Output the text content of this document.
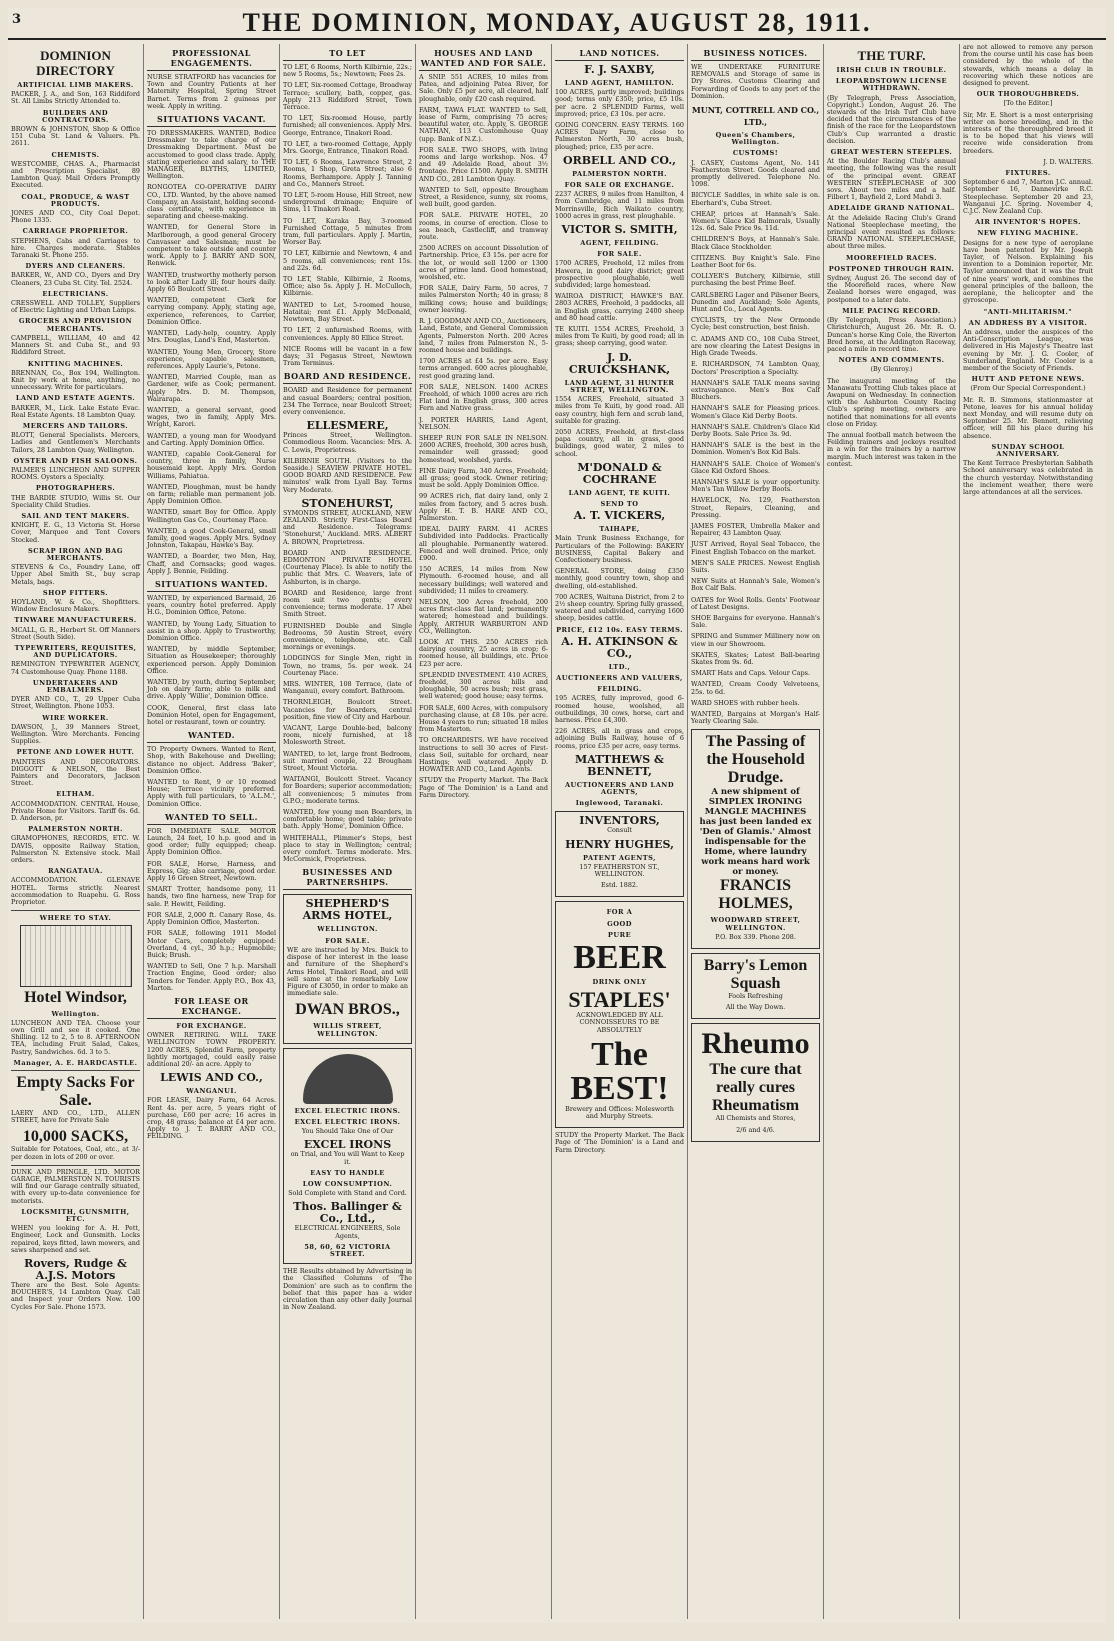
3	THE DOMINION, MONDAY, AUGUST 28, 1911.
DOMINION DIRECTORY
ARTIFICIAL LIMB MAKERS.
PACKER, J. A., and Son, 163 Riddiford St. All Limbs Strictly Attended to.
BUILDERS AND CONTRACTORS.
BROWN & JOHNSTON, Shop & Office 151 Cuba St. Land & Valuers. Ph. 2611.
CHEMISTS.
WESTCOMBE, CHAS. A., Pharmacist and Prescription Specialist, 89 Lambton Quay. Mail Orders Promptly Executed.
COAL, PRODUCE, & WAST PRODUCTS.
JONES AND CO., City Coal Depot. Phone 1335.
CARRIAGE PROPRIETOR.
STEPHENS, Cabs and Carriages to hire. Charges moderate. Stables Taranaki St. Phone 255.
DYERS AND CLEANERS.
BARKER, W., AND CO., Dyers and Dry Cleaners, 23 Cuba St. City. Tel. 2524.
ELECTRICIANS.
CRESSWELL AND TOLLEY, Suppliers of Electric Lighting and Urban Lamps.
GROCERS AND PROVISION MERCHANTS.
CAMPBELL, WILLIAM, 40 and 42 Manners St. and Cuba St., and 93 Riddiford Street.
KNITTING MACHINES.
BRENNAN, Co., Box 194, Wellington. Knit by work at home, anything, no unnecessary. Write for particulars.
LAND AND ESTATE AGENTS.
BARKER, M., Lick. Lake Estate Evac. Real Estate Agents. 18 Lambton Quay.
MERCERS AND TAILORS.
BLOTT, General Specialists. Mercers, Ladies and Gentlemen's Merchants Tailors, 28 Lambton Quay, Wellington.
OYSTER AND FISH SALOONS.
PALMER'S LUNCHEON AND SUPPER ROOMS. Oysters a Specialty.
PHOTOGRAPHERS.
THE BARDIE STUDIO, Willis St. Our Speciality Child Studies.
SAIL AND TENT MAKERS.
KNIGHT, E. G., 13 Victoria St. Horse Cover, Marquee and Tent Covers Stocked.
SCRAP IRON AND BAG MERCHANTS.
STEVENS & Co., Foundry Lane, off Upper Abel Smith St., buy scrap Metals, bags.
SHOP FITTERS.
HOYLAND, W. & Co., Shopfitters. Window Enclosure Makers.
TINWARE MANUFACTURERS.
MCALL, G. R., Herbert St. Off Manners Street (South Side).
TYPEWRITERS, REQUISITES, AND DUPLICATORS.
REMINGTON TYPEWRITER AGENCY, 74 Customhouse Quay. Phone 1188.
UNDERTAKERS AND EMBALMERS.
DYER AND CO., T., 29 Upper Cuba Street, Wellington. Phone 1053.
WIRE WORKER.
DAWSON, J., 39 Manners Street, Wellington. Wire Merchants. Fencing Supplies.
PETONE AND LOWER HUTT.
PAINTERS AND DECORATORS. DIGGOTT & NELSON, the Best Painters and Decorators, Jackson Street.
ELTHAM.
ACCOMMODATION. CENTRAL House, Private Home for Visitors. Tariff 6s. 6d. D. Anderson, pr.
PALMERSTON NORTH.
GRAMOPHONES, RECORDS, ETC. W. DAVIS, opposite Railway Station, Palmerston N. Extensive stock. Mail orders.
RANGATAUA.
ACCOMMODATION. GLENAVE HOTEL. Terms strictly. Nearest accommodation to Ruapehu. G. Ross Proprietor.
WHERE TO STAY.
Hotel Windsor,
Wellington.
LUNCHEON AND TEA. Choose your own Grill and see it cooked. One Shilling. 12 to 2, 5 to 8. AFTERNOON TEA, including Fruit Salad, Cakes, Pastry, Sandwiches. 6d. 3 to 5.
Manager, A. E. HARDCASTLE.
Empty Sacks For Sale.
LAERY AND CO., LTD., ALLEN STREET, have for Private Sale
10,000 SACKS,
Suitable for Potatoes, Coal, etc., at 3/- per dozen in lots of 200 or over.
DUNK AND PRINGLE, LTD. MOTOR GARAGE, PALMERSTON N. TOURISTS will find our Garage centrally situated, with every up-to-date convenience for motorists.
LOCKSMITH, GUNSMITH, ETC.
WHEN you looking for A. H. Pett, Engineer, Lock and Gunsmith. Locks repaired, keys fitted, lawn mowers, and saws sharpened and set.
Rovers, Rudge & A.J.S. Motors
There are the Best. Sole Agents: BOUCHER'S, 14 Lambton Quay. Call and Inspect your Orders Now. 100 Cycles For Sale. Phone 1573.
PROFESSIONAL ENGAGEMENTS.
NURSE STRATFORD has vacancies for Town and Country Patients at her Maternity Hospital, Spring Street Barnet. Terms from 2 guineas per week. Apply in writing.
SITUATIONS VACANT.
TO DRESSMAKERS. WANTED, Bodice Dressmaker to take charge of our Dressmaking Department. Must be accustomed to good class trade. Apply, stating experience and salary, to THE MANAGER, BLYTHS, LIMITED, Wellington.
RONGOTEA CO-OPERATIVE DAIRY CO., LTD. Wanted, by the above named Company, an Assistant, holding second-class certificate, with experience in separating and cheese-making.
WANTED, for General Store in Marlborough, a good general Grocery Canvasser and Salesman; must be competent to take outside and counter work. Apply to J. BARRY AND SON, Renwick.
WANTED, trustworthy motherly person to look after Lady ill; four hours daily. Apply 65 Boulcott Street.
WANTED, competent Clerk for carrying company. Apply, stating age, experience, references, to Carrier, Dominion Office.
WANTED, Lady-help, country. Apply Mrs. Douglas, Land's End, Masterton.
WANTED, Young Men, Grocery, Store experience, capable salesmen, references. Apply Laurie's, Petone.
WANTED, Married Couple, man as Gardener, wife as Cook; permanent. Apply Mrs. D. M. Thompson, Wairarapa.
WANTED, a general servant, good wages, two in family, Apply Mrs. Wright, Karori.
WANTED, a young man for Woodyard and Carting. Apply Dominion Office.
WANTED, capable Cook-General for country, three in family, Nurse housemaid kept. Apply Mrs. Gordon Williams, Pahiatua.
WANTED, Ploughman, must be handy on farm; reliable man permanent job. Apply Dominion Office.
WANTED, smart Boy for Office. Apply Wellington Gas Co., Courtenay Place.
WANTED, a good Cook-General, small family, good wages. Apply Mrs. Sydney Johnston, Takapau, Hawke's Bay.
WANTED, a Boarder, two Men, Hay, Chaff, and Cornsacks; good wages. Apply J. Bennie, Feilding.
SITUATIONS WANTED.
WANTED, by experienced Barmaid, 26 years, country hotel preferred. Apply H.G., Dominion Office, Petone.
WANTED, by Young Lady, Situation to assist in a shop. Apply to Trustworthy, Dominion Office.
WANTED, by middle September, Situation as Housekeeper; thoroughly experienced person. Apply Dominion Office.
WANTED, by youth, during September, Job on dairy farm; able to milk and drive. Apply 'Willie', Dominion Office.
COOK, General, first class late Dominion Hotel, open for Engagement, hotel or restaurant, town or country.
WANTED.
TO Property Owners. Wanted to Rent, Shop, with Bakehouse and Dwelling; distance no object. Address 'Baker', Dominion Office.
WANTED to Rent, 9 or 10 roomed House; Terrace vicinity preferred. Apply with full particulars, to 'A.L.M.', Dominion Office.
WANTED TO SELL.
FOR IMMEDIATE SALE. MOTOR Launch, 24 feet, 10 h.p. good and in good order; fully equipped; cheap. Apply Dominion Office.
FOR SALE, Horse, Harness, and Express, Gig; also carriage, good order. Apply 16 Green Street, Newtown.
SMART Trotter, handsome pony, 11 hands, two fine harness, new Trap for sale. P. Hewitt, Feilding.
FOR SALE, 2,000 ft. Canary Rose, 4s. Apply Dominion Office, Masterton.
FOR SALE, following 1911 Model Motor Cars, completely equipped: Overland, 4 cyl., 30 h.p.; Hupmobile; Buick; Brush.
WANTED to Sell, One 7 h.p. Marshall Traction Engine, Good order; also Tenders for Tender. Apply P.O., Box 43, Marton.
FOR LEASE OR EXCHANGE.
FOR EXCHANGE.
OWNER RETIRING. WILL TAKE WELLINGTON TOWN PROPERTY. 1200 ACRES, Splendid Farm, property lightly mortgaged, could easily raise additional 20/- an acre. Apply to
LEWIS AND CO.,
WANGANUI.
FOR LEASE, Dairy Farm, 64 Acres. Rent 4s. per acre, 5 years right of purchase, £60 per acre; 16 acres in crop, 48 grass; balance at £4 per acre. Apply to J. T. BARRY AND CO., FEILDING.
TO LET
TO LET, 6 Rooms, North Kilbirnie, 22s.; new 5 Rooms, 5s.; Newtown; Fees 2s.
TO LET, Six-roomed Cottage, Broadway Terrace; scullery, bath, copper, gas. Apply 213 Riddiford Street, Town Terrace.
TO LET, Six-roomed House, partly furnished; all conveniences. Apply Mrs. George, Entrance, Tinakori Road.
TO LET, a two-roomed Cottage, Apply Mrs. George, Entrance, Tinakori Road.
TO LET, 6 Rooms, Lawrence Street, 2 Rooms, 1 Shop, Greta Street; also 6 Rooms, Berhampore. Apply J. Tanning and Co., Manners Street.
TO LET, 5-room House, Hill Street, new underground drainage; Enquire of Sims, 11 Tinakori Road.
TO LET, Karaka Bay, 3-roomed Furnished Cottage, 5 minutes from tram, full particulars. Apply J. Martin, Worser Bay.
TO LET, Kilbirnie and Newtown, 4 and 5 rooms, all conveniences; rent 15s. and 22s. 6d.
TO LET, Stable, Kilbirnie, 2 Rooms, Office; also 5s. Apply J. H. McCulloch, Kilbirnie.
WANTED to Let, 5-roomed house, Hataitai; rent £1. Apply McDonald, Newtown, Bay Street.
TO LET, 2 unfurnished Rooms, with conveniences. Apply 80 Ellice Street.
NICE Rooms will be vacant in a few days; 31 Pegasus Street, Newtown Tram Terminus.
BOARD AND RESIDENCE.
BOARD and Residence for permanent and casual Boarders; central position, 234 The Terrace, near Boulcott Street; every convenience.
ELLESMERE,
Princes Street, Wellington. Commodious Room. Vacancies: Mrs. A. C. Lewis, Proprietress.
KILBIRNIE SOUTH. (Visitors to the Seaside.) SEAVIEW PRIVATE HOTEL. GOOD BOARD AND RESIDENCE. Few minutes' walk from Lyall Bay. Terms Very Moderate.
STONEHURST,
SYMONDS STREET, AUCKLAND, NEW ZEALAND. Strictly First-Class Board and Residence. Telegrams: 'Stonehurst,' Auckland. MRS. ALBERT A. BROWN, Proprietress.
BOARD AND RESIDENCE. EDMONTON PRIVATE HOTEL (Courtenay Place). Is able to notify the public that Mrs. C. Weavers, late of Ashburton, is in charge.
BOARD and Residence, large front room suit two gents; every convenience; terms moderate. 17 Abel Smith Street.
FURNISHED Double and Single Bedrooms, 59 Austin Street, every convenience, telephone, etc. Call mornings or evenings.
LODGINGS for Single Men, right in Town, no trams, 5s. per week. 24 Courtenay Place.
MRS. WINTER, 108 Terrace, (late of Wanganui), every comfort. Bathroom.
THORNLEIGH, Boulcott Street. Vacancies for Boarders, central position, fine view of City and Harbour.
VACANT, Large Double-bed, balcony room, nicely furnished, at 18 Molesworth Street.
WANTED, to let, large front Bedroom, suit married couple, 22 Brougham Street, Mount Victoria.
WAITANGI, Boulcott Street. Vacancy for Boarders; superior accommodation; all conveniences; 5 minutes from G.P.O.; moderate terms.
WANTED, few young men Boarders, in comfortable home; good table; private bath. Apply 'Home', Dominion Office.
WHITEHALL, Plimmer's Steps, best place to stay in Wellington; central; every comfort. Terms moderate. Mrs. McCormick, Proprietress.
BUSINESSES AND PARTNERSHIPS.
SHEPHERD'S ARMS HOTEL,
WELLINGTON.
FOR SALE.
WE are instructed by Mrs. Buick to dispose of her interest in the lease and furniture of the Shepherd's Arms Hotel, Tinakori Road, and will sell same at the remarkably Low Figure of £3050, in order to make an immediate sale.
DWAN BROS.,
WILLIS STREET, WELLINGTON.
EXCEL ELECTRIC IRONS.
EXCEL ELECTRIC IRONS.
You Should Take One of Our
EXCEL IRONS
on Trial, and You will Want to Keep it.
EASY TO HANDLE
LOW CONSUMPTION.
Sold Complete with Stand and Cord.
Thos. Ballinger & Co., Ltd.,
ELECTRICAL ENGINEERS, Sole Agents,
58, 60, 62 VICTORIA STREET.
THE Results obtained by Advertising in the Classified Columns of 'The Dominion' are such as to confirm the belief that this paper has a wider circulation than any other daily Journal in New Zealand.
HOUSES AND LAND WANTED AND FOR SALE.
A SNIP. 551 ACRES, 10 miles from Patea, and adjoining Patea River, for Sale. Only £5 per acre, all cleared, half ploughable, only £20 cash required.
FARM, TAWA FLAT. WANTED to Sell, lease of Farm, comprising 75 acres; beautiful water, etc. Apply, S. GEORGE NATHAN, 113 Customhouse Quay (upp. Bank of N.Z.).
FOR SALE. TWO SHOPS, with living rooms and large workshop. Nos. 47 and 49 Adelaide Road, about 3½ frontage. Price £1500. Apply B. SMITH AND CO., 281 Lambton Quay.
WANTED to Sell, opposite Brougham Street, a Residence, sunny, six rooms, well built, good garden.
FOR SALE. PRIVATE HOTEL, 20 rooms, in course of erection. Close to sea beach, Castlecliff, and tramway route.
2500 ACRES on account Dissolution of Partnership. Price, £3 15s. per acre for the lot, or would sell 1200 or 1300 acres of prime land. Good homestead, woolshed, etc.
FOR SALE, Dairy Farm, 50 acres, 7 miles Palmerston North; 40 in grass; 8 milking cows; house and buildings; owner leaving.
R. J. GOODMAN AND CO., Auctioneers, Land, Estate, and General Commission Agents, Palmerston North. 200 Acres land, 7 miles from Palmerston N., 5-roomed house and buildings.
1700 ACRES at £4 5s. per acre. Easy terms arranged. 600 acres ploughable, rest good grazing land.
FOR SALE, NELSON. 1400 ACRES Freehold, of which 1000 acres are rich Flat land in English grass, 300 acres Fern and Native grass.
J. PORTER HARRIS, Land Agent, NELSON.
SHEEP RUN FOR SALE IN NELSON. 2600 ACRES, freehold, 300 acres bush, remainder well grassed; good homestead, woolshed, yards.
FINE Dairy Farm, 340 Acres, Freehold; all grass; good stock. Owner retiring; must be sold. Apply Dominion Office.
99 ACRES rich, flat dairy land, only 2 miles from factory, and 5 acres bush. Apply H. T. B. HARE AND CO., Palmerston.
IDEAL DAIRY FARM. 41 ACRES Subdivided into Paddocks. Practically all ploughable. Permanently watered. Fenced and well drained. Price, only £900.
150 ACRES, 14 miles from New Plymouth. 6-roomed house, and all necessary buildings; well watered and subdivided; 11 miles to creamery.
NELSON, 300 Acres freehold, 200 acres first-class flat land; permanently watered; homestead and buildings. Apply, ARTHUR WARBURTON AND CO., Wellington.
LOOK AT THIS. 250 ACRES rich dairying country, 25 acres in crop; 6-roomed house, all buildings, etc. Price £23 per acre.
SPLENDID INVESTMENT. 410 ACRES, freehold, 300 acres hills and ploughable, 50 acres bush; rest grass, well watered; good house; easy terms.
FOR SALE, 600 Acres, with compulsory purchasing clause, at £8 10s. per acre. House 4 years to run; situated 18 miles from Masterton.
TO ORCHARDISTS. WE have received instructions to sell 30 acres of First-class Soil, suitable for orchard, near Hastings; well watered. Apply D. HOWATER AND CO., Land Agents.
STUDY the Property Market. The Back Page of 'The Dominion' is a Land and Farm Directory.
LAND NOTICES.
F. J. SAXBY,
LAND AGENT, HAMILTON.
100 ACRES, partly improved; buildings good; terms only £350; price, £5 10s. per acre. 2 SPLENDID Farms, well improved; price, £3 10s. per acre.
GOING CONCERN. EASY TERMS. 160 ACRES Dairy Farm, close to Palmerston North, 30 acres bush, ploughed; price, £35 per acre.
ORBELL AND CO.,
PALMERSTON NORTH.
FOR SALE OR EXCHANGE.
2237 ACRES, 9 miles from Hamilton, 4 from Cambridge, and 11 miles from Morrinsville, Rich Waikato country, 1000 acres in grass, rest ploughable.
VICTOR S. SMITH,
AGENT, FEILDING.
FOR SALE.
1700 ACRES, Freehold, 12 miles from Hawera, in good dairy district; great prospective ploughable, well subdivided; large homestead.
WAIROA DISTRICT, HAWKE'S BAY. 2803 ACRES, Freehold, 3 paddocks, all in English grass, carrying 2400 sheep and 80 head cattle.
TE KUITI. 1554 ACRES, Freehold, 3 miles from Te Kuiti, by good road; all in grass; sheep carrying, good water.
J. D. CRUICKSHANK,
LAND AGENT, 31 HUNTER STREET, WELLINGTON.
1554 ACRES, Freehold, situated 3 miles from Te Kuiti, by good road. All easy country, high fern and scrub land, suitable for grazing.
2050 ACRES, Freehold, at first-class papa country, all in grass, good buildings, good water, 2 miles to school.
M'DONALD & COCHRANE
LAND AGENT, TE KUITI.
SEND TO
A. T. VICKERS,
TAIHAPE,
Main Trunk Business Exchange, for Particulars of the Following: BAKERY BUSINESS, Capital Bakery and Confectionery business.
GENERAL STORE, doing £350 monthly, good country town, shop and dwelling, old-established.
700 ACRES, Waituna District, from 2 to 2½ sheep country. Spring fully grassed, watered and subdivided, carrying 1600 sheep, besides cattle.
PRICE, £12 10s. EASY TERMS.
A. H. ATKINSON & CO.,
LTD.,
AUCTIONEERS AND VALUERS,
FEILDING.
195 ACRES, fully improved, good 6-roomed house, woolshed, all outbuildings, 30 cows, horse, cart and harness. Price £4,300.
226 ACRES, all in grass and crops, adjoining Bulls Railway, house of 6 rooms, price £35 per acre, easy terms.
MATTHEWS & BENNETT,
AUCTIONEERS AND LAND AGENTS,
Inglewood, Taranaki.
INVENTORS,
Consult
HENRY HUGHES,
PATENT AGENTS,
157 FEATHERSTON ST., WELLINGTON.
Estd. 1882.
FOR A
GOOD
PURE
BEER
DRINK ONLY
STAPLES'
ACKNOWLEDGED BY ALL CONNOISSEURS TO BE ABSOLUTELY
The BEST!
Brewery and Offices: Molesworth and Murphy Streets.
STUDY the Property Market. The Back Page of 'The Dominion' is a Land and Farm Directory.
BUSINESS NOTICES.
WE UNDERTAKE FURNITURE REMOVALS and Storage of same in Dry Stores. Customs Clearing and Forwarding of Goods to any port of the Dominion.
MUNT, COTTRELL AND CO., LTD.,
Queen's Chambers, Wellington.
CUSTOMS!
J. CASEY, Customs Agent, No. 141 Featherston Street. Goods cleared and promptly delivered. Telephone No. 1098.
BICYCLE Saddles, in white sale is on. Eberhard's, Cuba Street.
CHEAP, prices at Hannah's Sale. Women's Glace Kid Balmorals, Usually 12s. 6d. Sale Price 9s. 11d.
CHILDREN'S Boys, at Hannah's Sale. Black Glace Stockholder.
CITIZENS. Buy Knight's Sale. Fine Leather Boot for 6s.
COLLYER'S Butchery, Kilbirnie, still purchasing the best Prime Beef.
CARLSBERG Lager and Pilsener Beers, Dunedin and Auckland; Sole Agents, Hunt and Co., Local Agents.
CYCLISTS, try the New Ormonde Cycle; best construction, best finish.
C. ADAMS AND CO., 108 Cuba Street, are now clearing the Latest Designs in High Grade Tweeds.
E. RICHARDSON, 74 Lambton Quay, Doctors' Prescription a Specialty.
HANNAH'S SALE TALK means saving extravagance. Men's Box Calf Bluchers.
HANNAH'S SALE for Pleasing prices. Women's Glace Kid Derby Boots.
HANNAH'S SALE. Children's Glace Kid Derby Boots. Sale Price 3s. 9d.
HANNAH'S SALE is the best in the Dominion. Women's Box Kid Bals.
HANNAH'S SALE. Choice of Women's Glace Kid Oxford Shoes.
HANNAH'S SALE is your opportunity. Men's Tan Willow Derby Boots.
HAVELOCK, No. 129, Featherston Street, Repairs, Cleaning, and Pressing.
JAMES FOSTER, Umbrella Maker and Repairer, 43 Lambton Quay.
JUST Arrived, Royal Seal Tobacco, the Finest English Tobacco on the market.
MEN'S SALE PRICES. Newest English Suits.
NEW Suits at Hannah's Sale, Women's Box Calf Bals.
OATES for Wool Rolls. Gents' Footwear of Latest Designs.
SHOE Bargains for everyone. Hannah's Sale.
SPRING and Summer Millinery now on view in our Showroom.
SKATES, Skates; Latest Ball-bearing Skates from 9s. 6d.
SMART Hats and Caps. Velour Caps.
WANTED, Cream Coody Velveteens, 25s. to 6d.
WARD SHOES with rubber heels.
WANTED, Bargains at Morgan's Half-Yearly Clearing Sale.
The Passing of the Household Drudge.
A new shipment of SIMPLEX IRONING MANGLE MACHINES has just been landed ex 'Den of Glamis.' Almost indispensable for the Home, where laundry work means hard work or money.
FRANCIS HOLMES,
WOODWARD STREET, WELLINGTON.
P.O. Box 339. Phone 208.
Barry's Lemon Squash
Fools Refreshing
All the Way Down.
Rheumo
The cure that
really cures
Rheumatism
All Chemists and Stores,
2/6 and 4/6.
THE TURF.
IRISH CLUB IN TROUBLE.
LEOPARDSTOWN LICENSE WITHDRAWN.
(By Telegraph, Press Association, Copyright.) London, August 26. The stewards of the Irish Turf Club have decided that the circumstances of the finish of the race for the Leopardstown Club's Cup warranted a drastic decision.
GREAT WESTERN STEEPLES.
At the Boulder Racing Club's annual meeting, the following was the result of the principal event. GREAT WESTERN STEEPLECHASE of 300 sovs. About two miles and a half. Filbert 1, Bayfield 2, Lord Mahdi 3.
ADELAIDE GRAND NATIONAL.
At the Adelaide Racing Club's Grand National Steeplechase meeting, the principal event resulted as follows: GRAND NATIONAL STEEPLECHASE, about three miles.
MOOREFIELD RACES.
POSTPONED THROUGH RAIN.
Sydney, August 26. The second day of the Moorefield races, where New Zealand horses were engaged, was postponed to a later date.
MILE PACING RECORD.
(By Telegraph, Press Association.) Christchurch, August 26. Mr. R. O. Duncan's horse King Cole, the Riverton Bred horse, at the Addington Raceway, paced a mile in record time.
NOTES AND COMMENTS.
(By Glenroy.)
The inaugural meeting of the Manawatu Trotting Club takes place at Awapuni on Wednesday. In connection with the Ashburton County Racing Club's spring meeting, owners are notified that nominations for all events close on Friday.
The annual football match between the Feilding trainers and jockeys resulted in a win for the trainers by a narrow margin. Much interest was taken in the contest.
are not allowed to remove any person from the course until his case has been considered by the whole of the stewards, which means a delay in recovering which these notices are designed to prevent.
OUR THOROUGHBREDS.
[To the Editor.]
Sir, Mr. E. Short is a most enterprising writer on horse breeding, and in the interests of the thoroughbred breed it is to be hoped that his views will receive wide consideration from breeders.
J. D. WALTERS.
FIXTURES.
September 6 and 7, Marton J.C. annual. September 16, Dannevirke R.C. Steeplechase. September 20 and 23, Wanganui J.C. Spring. November 4, C.J.C. New Zealand Cup.
AIR INVENTOR'S HOPES.
NEW FLYING MACHINE.
Designs for a new type of aeroplane have been patented by Mr. Joseph Tayler, of Nelson. Explaining his invention to a Dominion reporter, Mr. Tayler announced that it was the fruit of nine years' work, and combines the general principles of the balloon, the aeroplane, the helicopter and the gyroscope.
"ANTI-MILITARISM."
AN ADDRESS BY A VISITOR.
An address, under the auspices of the Anti-Conscription League, was delivered in His Majesty's Theatre last evening by Mr. J. G. Cooler, of Sunderland, England. Mr. Cooler is a member of the Society of Friends.
HUTT AND PETONE NEWS.
(From Our Special Correspondent.)
Mr. R. B. Simmons, stationmaster at Petone, leaves for his annual holiday next Monday, and will resume duty on September 25. Mr. Bennett, relieving officer, will fill his place during his absence.
SUNDAY SCHOOL ANNIVERSARY.
The Kent Terrace Presbyterian Sabbath School anniversary was celebrated in the church yesterday. Notwithstanding the inclement weather, there were large attendances at all the services.
